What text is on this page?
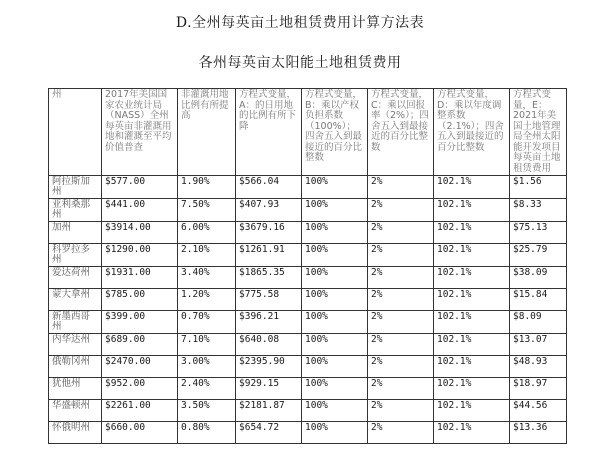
D.全州每英亩土地租赁费用计算方法表
各州每英亩太阳能土地租赁费用
州	2017年美国国家农业统计局（NASS）全州每英亩非灌溉用地和灌溉至平均价值普查	非灌溉用地比例有所提高	方程式变量，A：的日用地的比例有所下降	方程式变量，B：乘以产权负担系数（100%）；四舍五入到最接近的百分比整数	方程式变量，C：乘以回报率（2%）；四舍五入到最接近的百分比整数	方程式变量，D：乘以年度调整系数（2.1%）；四舍五入到最接近的百分比整数	方程式变量，E：2021年美国土地管理局全州太阳能开发项目每英亩土地租赁费用
阿拉斯加州	$577.00	1.90%	$566.04	100%	2%	102.1%	$1.56
亚利桑那州	$441.00	7.50%	$407.93	100%	2%	102.1%	$8.33
加州	$3914.00	6.00%	$3679.16	100%	2%	102.1%	$75.13
科罗拉多州	$1290.00	2.10%	$1261.91	100%	2%	102.1%	$25.79
爱达荷州	$1931.00	3.40%	$1865.35	100%	2%	102.1%	$38.09
蒙大拿州	$785.00	1.20%	$775.58	100%	2%	102.1%	$15.84
新墨西哥州	$399.00	0.70%	$396.21	100%	2%	102.1%	$8.09
内华达州	$689.00	7.10%	$640.08	100%	2%	102.1%	$13.07
俄勒冈州	$2470.00	3.00%	$2395.90	100%	2%	102.1%	$48.93
犹他州	$952.00	2.40%	$929.15	100%	2%	102.1%	$18.97
华盛顿州	$2261.00	3.50%	$2181.87	100%	2%	102.1%	$44.56
怀俄明州	$660.00	0.80%	$654.72	100%	2%	102.1%	$13.36
